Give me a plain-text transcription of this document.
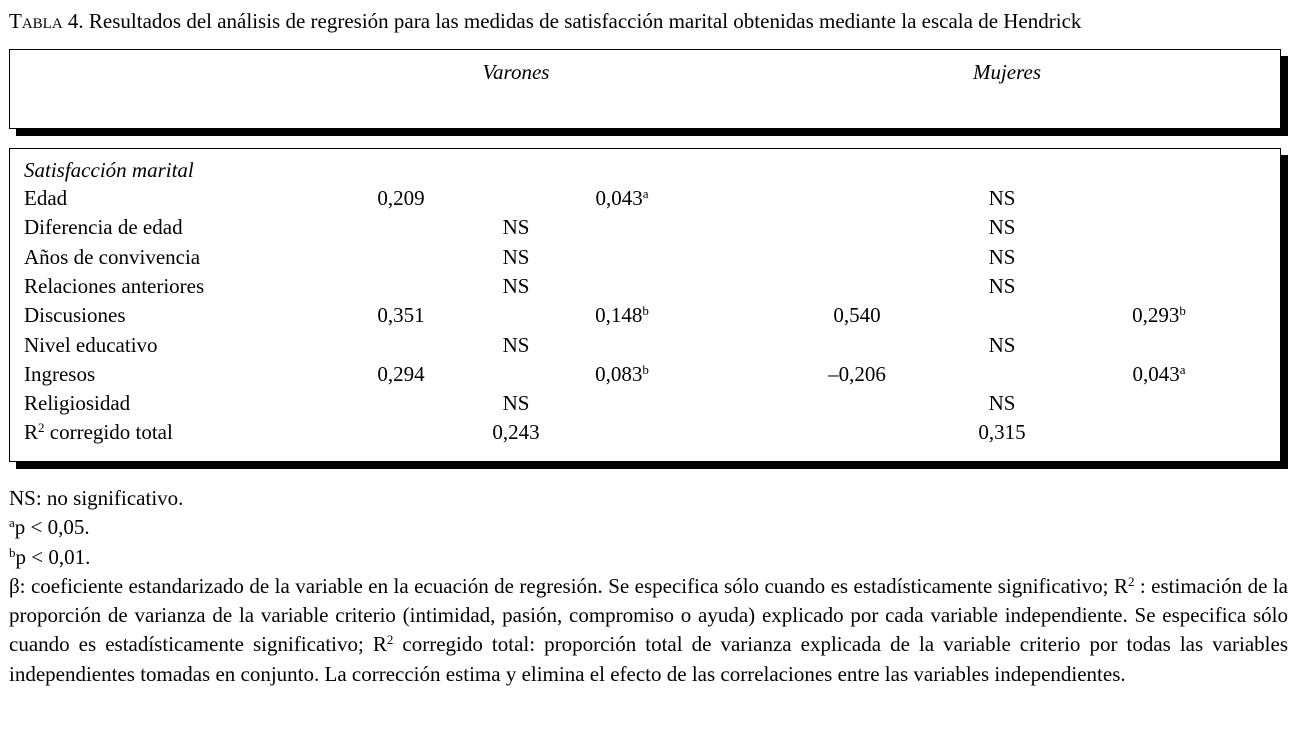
Tabla 4. Resultados del análisis de regresión para las medidas de satisfacción marital obtenidas mediante la escala de Hendrick
Varones	Mujeres
Satisfacción marital
Edad	0,209	0,043$^a$	NS
Diferencia de edad	NS	NS
Años de convivencia	NS	NS
Relaciones anteriores	NS	NS
Discusiones	0,351	0,148$^b$	0,540	0,293$^b$
Nivel educativo	NS	NS
Ingresos	0,294	0,083$^b$	–0,206	0,043$^a$
Religiosidad	NS	NS
$R^2$ corregido total	0,243	0,315
NS: no significativo.
$^a$p < 0,05.
$^b$p < 0,01.
β: coeficiente estandarizado de la variable en la ecuación de regresión. Se especifica sólo cuando es estadísticamente significativo; $R^2$ : estimación de la proporción de varianza de la variable criterio (intimidad, pasión, compromiso o ayuda) explicado por cada variable independiente. Se especifica sólo cuando es estadísticamente significativo; $R^2$ corregido total: proporción total de varianza explicada de la variable criterio por todas las variables independientes tomadas en conjunto. La corrección estima y elimina el efecto de las correlaciones entre las variables independientes.
